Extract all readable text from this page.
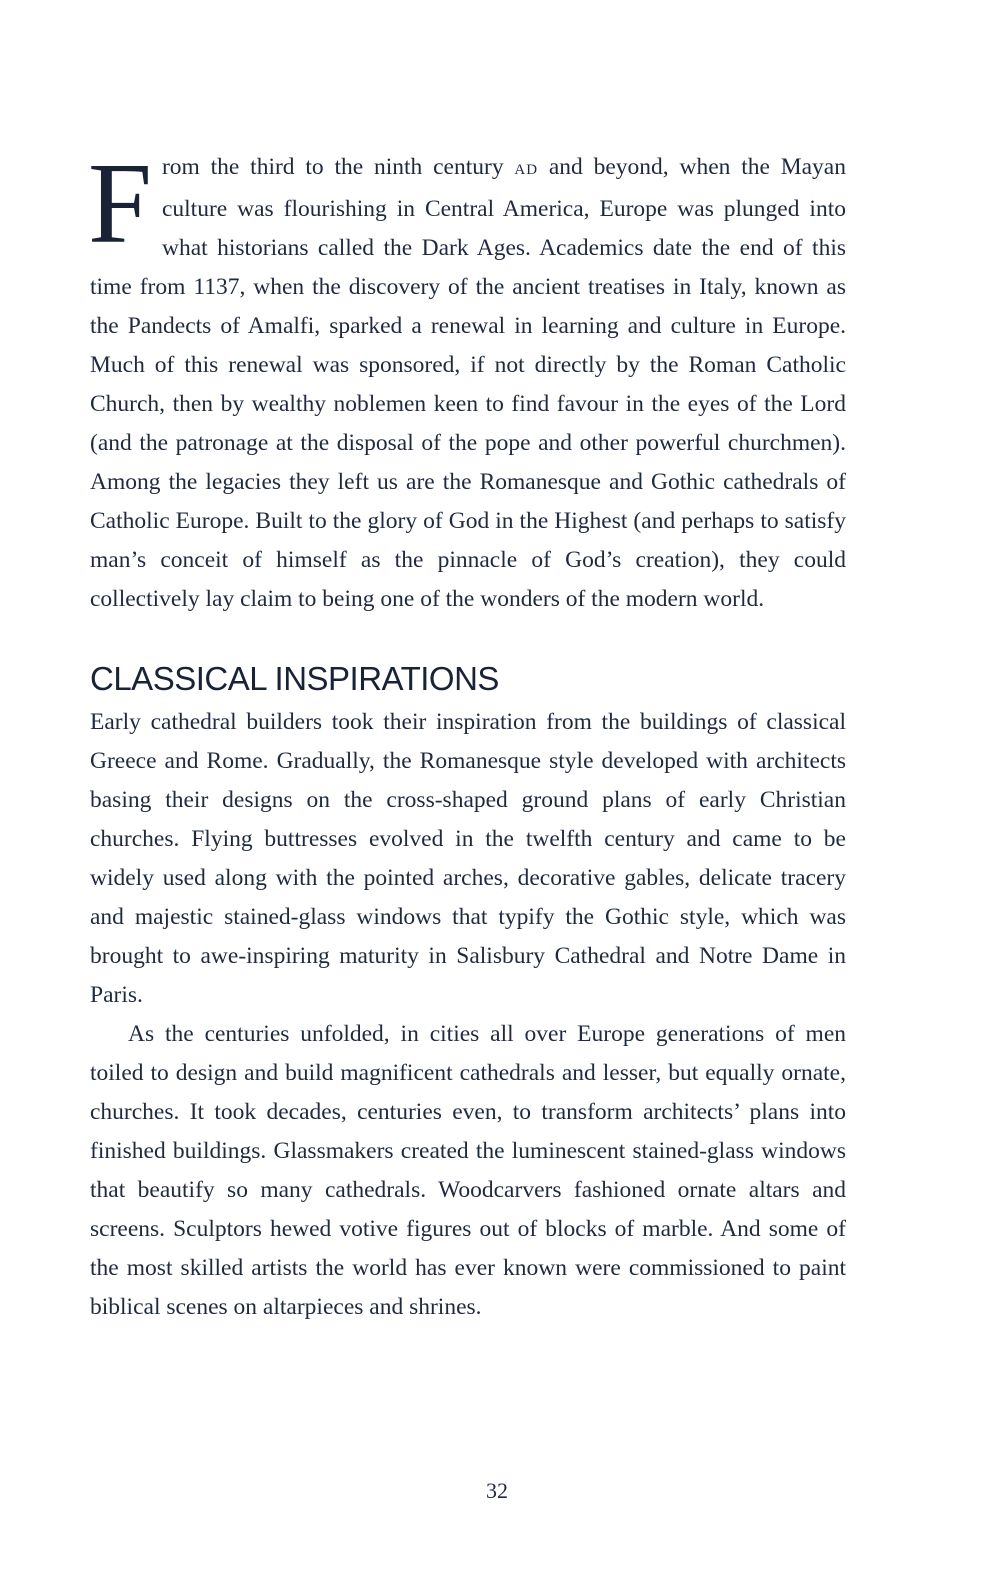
From the third to the ninth century AD and beyond, when the Mayan culture was flourishing in Central America, Europe was plunged into what historians called the Dark Ages. Academics date the end of this time from 1137, when the discovery of the ancient treatises in Italy, known as the Pandects of Amalfi, sparked a renewal in learning and culture in Europe. Much of this renewal was sponsored, if not directly by the Roman Catholic Church, then by wealthy noblemen keen to find favour in the eyes of the Lord (and the patronage at the disposal of the pope and other powerful churchmen). Among the legacies they left us are the Romanesque and Gothic cathedrals of Catholic Europe. Built to the glory of God in the Highest (and perhaps to satisfy man’s conceit of himself as the pinnacle of God’s creation), they could collectively lay claim to being one of the wonders of the modern world.

CLASSICAL INSPIRATIONS

Early cathedral builders took their inspiration from the buildings of classical Greece and Rome. Gradually, the Romanesque style developed with architects basing their designs on the cross-shaped ground plans of early Christian churches. Flying buttresses evolved in the twelfth century and came to be widely used along with the pointed arches, decorative gables, delicate tracery and majestic stained-glass windows that typify the Gothic style, which was brought to awe-inspiring maturity in Salisbury Cathedral and Notre Dame in Paris.

As the centuries unfolded, in cities all over Europe generations of men toiled to design and build magnificent cathedrals and lesser, but equally ornate, churches. It took decades, centuries even, to transform architects’ plans into finished buildings. Glassmakers created the luminescent stained-glass windows that beautify so many cathedrals. Woodcarvers fashioned ornate altars and screens. Sculptors hewed votive figures out of blocks of marble. And some of the most skilled artists the world has ever known were commissioned to paint biblical scenes on altarpieces and shrines.

32
